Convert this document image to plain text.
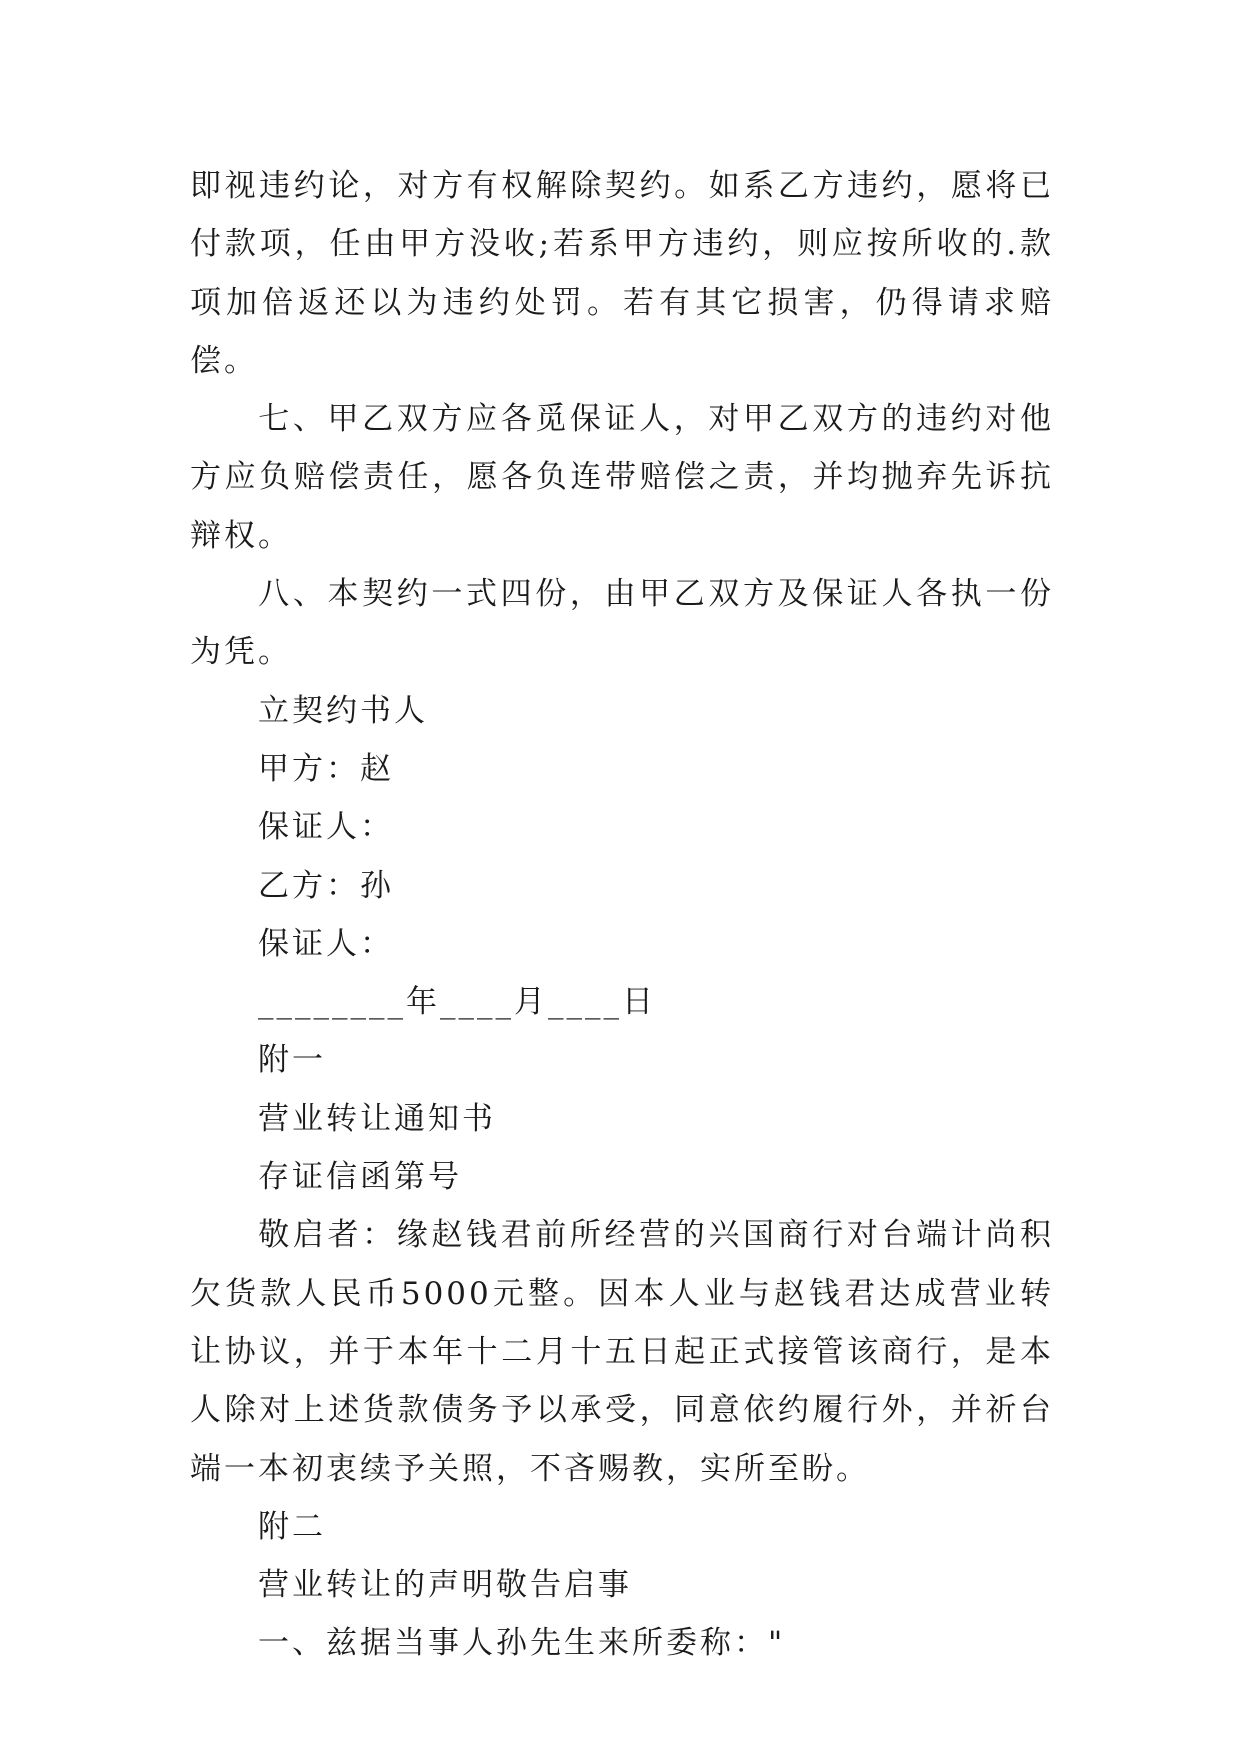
即视违约论，对方有权解除契约。如系乙方违约，愿将已付款项，任由甲方没收;若系甲方违约，则应按所收的.款项加倍返还以为违约处罚。若有其它损害，仍得请求赔偿。

七、甲乙双方应各觅保证人，对甲乙双方的违约对他方应负赔偿责任，愿各负连带赔偿之责，并均抛弃先诉抗辩权。

八、本契约一式四份，由甲乙双方及保证人各执一份为凭。

立契约书人

甲方：赵

保证人：

乙方：孙

保证人：

________年____月____日

附一

营业转让通知书

存证信函第号

敬启者：缘赵钱君前所经营的兴国商行对台端计尚积欠货款人民币5000元整。因本人业与赵钱君达成营业转让协议，并于本年十二月十五日起正式接管该商行，是本人除对上述货款债务予以承受，同意依约履行外，并祈台端一本初衷续予关照，不吝赐教，实所至盼。

附二

营业转让的声明敬告启事

一、兹据当事人孙先生来所委称："
